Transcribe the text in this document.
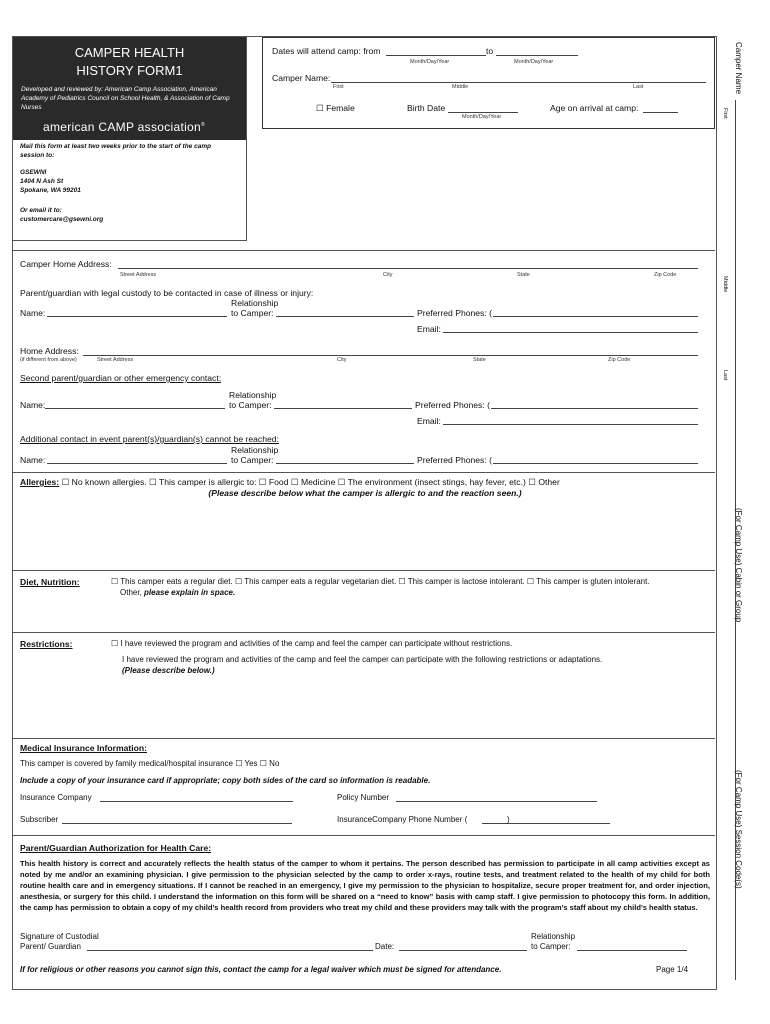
CAMPER HEALTH
HISTORY FORM1
Developed and reviewed by: American Camp Association, American Academy of Pediatrics Council on School Health, & Association of Camp Nurses
american CAMP association®
Mail this form at least two weeks prior to the start of the camp session to:
GSEWNI
1404 N Ash St
Spokane, WA 99201
Or email it to:
customercare@gsewni.org
Dates will attend camp: from	to
Month/Day/Year	Month/Day/Year
Camper Name:
First	Middle	Last
☐ Female	Birth Date
Month/Day/Year
Age on arrival at camp:
Camper Home Address:
Street Address	City	State	Zip Code
Parent/guardian with legal custody to be contacted in case of illness or injury:
Relationship
Name:	to Camper:	Preferred Phones: (
Email:
Home Address:
(if different from above)	Street Address	City	State	Zip Code
Second parent/guardian or other emergency contact:
Relationship
Name:	to Camper:	Preferred Phones: (
Email:
Additional contact in event parent(s)/guardian(s) cannot be reached:
Relationship
Name:	to Camper:	Preferred Phones: (
Allergies: ☐ No known allergies. ☐ This camper is allergic to: ☐ Food ☐ Medicine ☐ The environment (insect stings, hay fever, etc.) ☐ Other
(Please describe below what the camper is allergic to and the reaction seen.)
Diet, Nutrition:	☐ This camper eats a regular diet. ☐ This camper eats a regular vegetarian diet. ☐ This camper is lactose intolerant. ☐ This camper is gluten intolerant.
Other, please explain in space.
Restrictions:	☐ I have reviewed the program and activities of the camp and feel the camper can participate without restrictions.
I have reviewed the program and activities of the camp and feel the camper can participate with the following restrictions or adaptations.
(Please describe below.)
Medical Insurance Information:
This camper is covered by family medical/hospital insurance ☐ Yes ☐ No
Include a copy of your insurance card if appropriate; copy both sides of the card so information is readable.
Insurance Company	Policy Number
Subscriber	InsuranceCompany Phone Number (	)
Parent/Guardian Authorization for Health Care:
This health history is correct and accurately reflects the health status of the camper to whom it pertains. The person described has permission to participate in all camp activities except as noted by me and/or an examining physician. I give permission to the physician selected by the camp to order x-rays, routine tests, and treatment related to the health of my child for both routine health care and in emergency situations. If I cannot be reached in an emergency, I give my permission to the physician to hospitalize, secure proper treatment for, and order injection, anesthesia, or surgery for this child. I understand the information on this form will be shared on a “need to know” basis with camp staff. I give permission to photocopy this form. In addition, the camp has permission to obtain a copy of my child’s health record from providers who treat my child and these providers may talk with the program’s staff about my child’s health status.
Signature of Custodial
Parent/ Guardian	Date:
Relationship
to Camper:
If for religious or other reasons you cannot sign this, contact the camp for a legal waiver which must be signed for attendance.	Page 1/4
Camper Name
First
Middle
Last
(For Camp Use) Cabin or Group
(For Camp Use) Session Code(s)
